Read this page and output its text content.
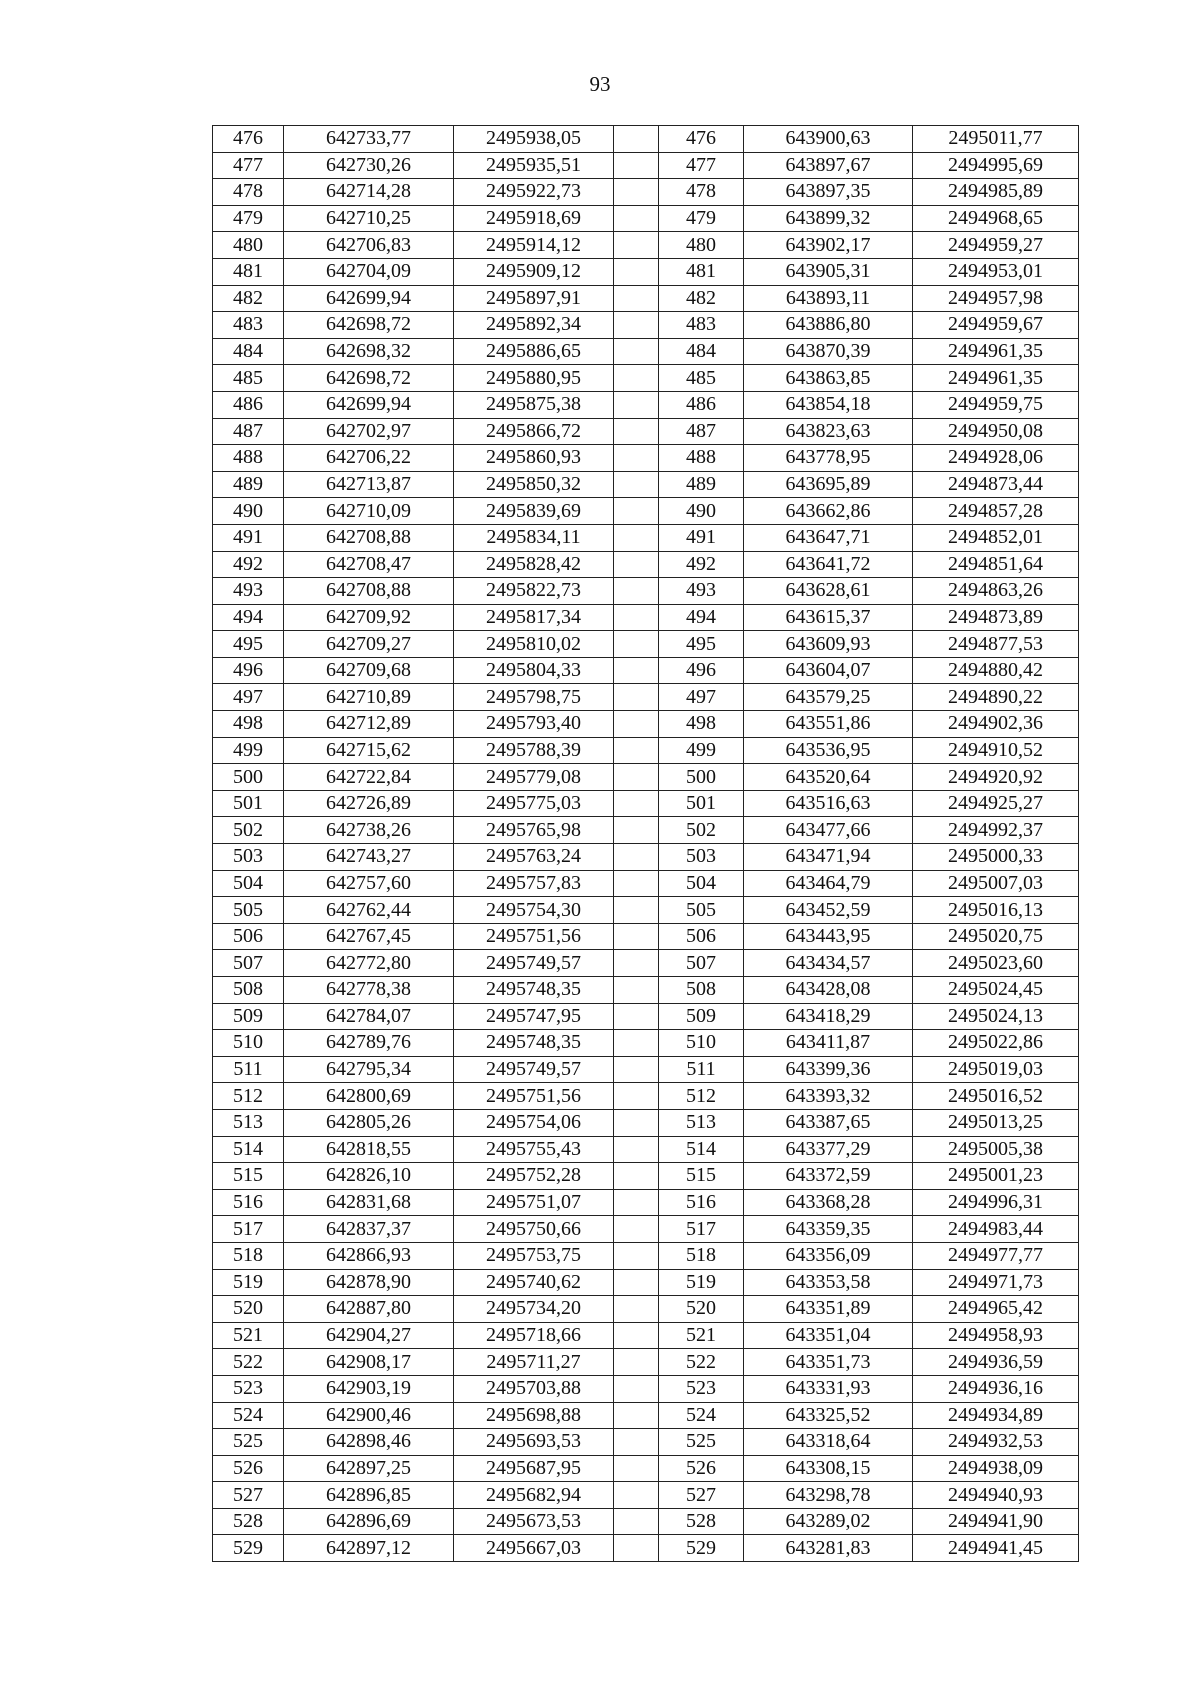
93
476	642733,77	2495938,05		476	643900,63	2495011,77
477	642730,26	2495935,51		477	643897,67	2494995,69
478	642714,28	2495922,73		478	643897,35	2494985,89
479	642710,25	2495918,69		479	643899,32	2494968,65
480	642706,83	2495914,12		480	643902,17	2494959,27
481	642704,09	2495909,12		481	643905,31	2494953,01
482	642699,94	2495897,91		482	643893,11	2494957,98
483	642698,72	2495892,34		483	643886,80	2494959,67
484	642698,32	2495886,65		484	643870,39	2494961,35
485	642698,72	2495880,95		485	643863,85	2494961,35
486	642699,94	2495875,38		486	643854,18	2494959,75
487	642702,97	2495866,72		487	643823,63	2494950,08
488	642706,22	2495860,93		488	643778,95	2494928,06
489	642713,87	2495850,32		489	643695,89	2494873,44
490	642710,09	2495839,69		490	643662,86	2494857,28
491	642708,88	2495834,11		491	643647,71	2494852,01
492	642708,47	2495828,42		492	643641,72	2494851,64
493	642708,88	2495822,73		493	643628,61	2494863,26
494	642709,92	2495817,34		494	643615,37	2494873,89
495	642709,27	2495810,02		495	643609,93	2494877,53
496	642709,68	2495804,33		496	643604,07	2494880,42
497	642710,89	2495798,75		497	643579,25	2494890,22
498	642712,89	2495793,40		498	643551,86	2494902,36
499	642715,62	2495788,39		499	643536,95	2494910,52
500	642722,84	2495779,08		500	643520,64	2494920,92
501	642726,89	2495775,03		501	643516,63	2494925,27
502	642738,26	2495765,98		502	643477,66	2494992,37
503	642743,27	2495763,24		503	643471,94	2495000,33
504	642757,60	2495757,83		504	643464,79	2495007,03
505	642762,44	2495754,30		505	643452,59	2495016,13
506	642767,45	2495751,56		506	643443,95	2495020,75
507	642772,80	2495749,57		507	643434,57	2495023,60
508	642778,38	2495748,35		508	643428,08	2495024,45
509	642784,07	2495747,95		509	643418,29	2495024,13
510	642789,76	2495748,35		510	643411,87	2495022,86
511	642795,34	2495749,57		511	643399,36	2495019,03
512	642800,69	2495751,56		512	643393,32	2495016,52
513	642805,26	2495754,06		513	643387,65	2495013,25
514	642818,55	2495755,43		514	643377,29	2495005,38
515	642826,10	2495752,28		515	643372,59	2495001,23
516	642831,68	2495751,07		516	643368,28	2494996,31
517	642837,37	2495750,66		517	643359,35	2494983,44
518	642866,93	2495753,75		518	643356,09	2494977,77
519	642878,90	2495740,62		519	643353,58	2494971,73
520	642887,80	2495734,20		520	643351,89	2494965,42
521	642904,27	2495718,66		521	643351,04	2494958,93
522	642908,17	2495711,27		522	643351,73	2494936,59
523	642903,19	2495703,88		523	643331,93	2494936,16
524	642900,46	2495698,88		524	643325,52	2494934,89
525	642898,46	2495693,53		525	643318,64	2494932,53
526	642897,25	2495687,95		526	643308,15	2494938,09
527	642896,85	2495682,94		527	643298,78	2494940,93
528	642896,69	2495673,53		528	643289,02	2494941,90
529	642897,12	2495667,03		529	643281,83	2494941,45
